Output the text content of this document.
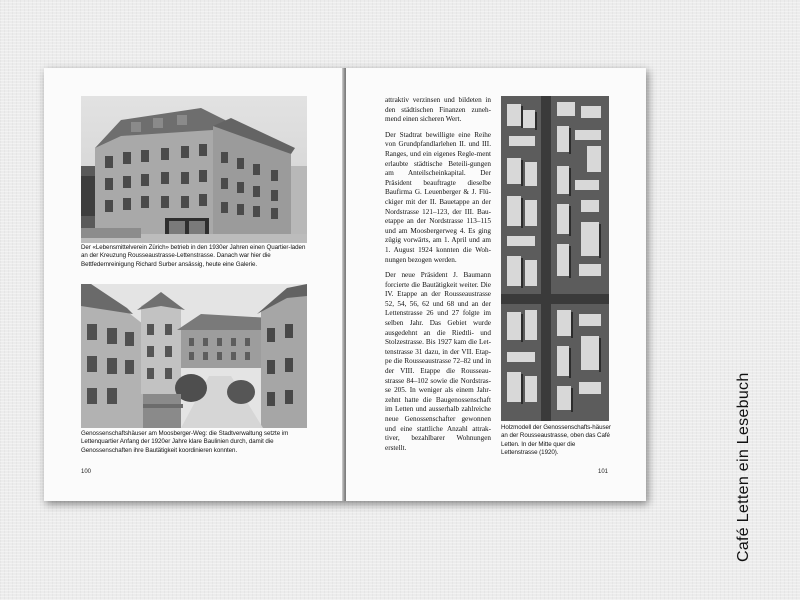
Der «Lebensmittelverein Zürich» betrieb in den 1930er Jahren einen Quartier-laden an der Kreuzung Rousseaustrasse-Lettenstrasse. Danach war hier die Bettfedernreinigung Richard Surber ansässig, heute eine Galerie.
Genossenschaftshäuser am Moosberger-Weg: die Stadtverwaltung setzte im Lettenquartier Anfang der 1920er Jahre klare Baulinien durch, damit die Genossenschaften ihre Bautätigkeit koordinieren konnten.
100

attraktiv verzinsen und bildeten in den städtischen Finanzen zuneh-mend einen sicheren Wert.

Der Stadtrat bewilligte eine Reihe von Grundpfandlarlehen II. und III. Ranges, und ein eigenes Regle-ment erlaubte städtische Beteili-gungen am Anteilscheinkapital. Der Präsident beauftragte dieselbe Baufirma G. Leuenberger & J. Flü-ckiger mit der II. Bauetappe an der Nordstrasse 121–123, der III. Bau-etappe an der Nordstrasse 113–115 und am Moosbergerweg 4. Es ging zügig vorwärts, am 1. April und am 1. August 1924 konnten die Woh-nungen bezogen werden.

Der neue Präsident J. Baumann forcierte die Bautätigkeit weiter. Die IV. Etappe an der Rousseaustrasse 52, 54, 56, 62 und 68 und an der Lettenstrasse 26 und 27 folgte im selben Jahr. Das Gebiet wurde ausgedehnt an die Riedtli- und Stolzestrasse. Bis 1927 kam die Let-tenstrasse 31 dazu, in der VII. Etap-pe die Rousseaustrasse 72–82 und in der VIII. Etappe die Rousseau-strasse 84–102 sowie die Nordstras-se 205. In weniger als einem Jahr-zehnt hatte die Baugenossenschaft im Letten und ausserhalb zahlreiche neue Genossenschafter gewonnen und eine stattliche Anzahl attrak-tiver, bezahlbarer Wohnungen erstellt.

Holzmodell der Genossenschafts-häuser an der Rousseaustrasse, oben das Café Letten. In der Mitte quer die Lettenstrasse (1920).
101	Café Letten ein Lesebuch
